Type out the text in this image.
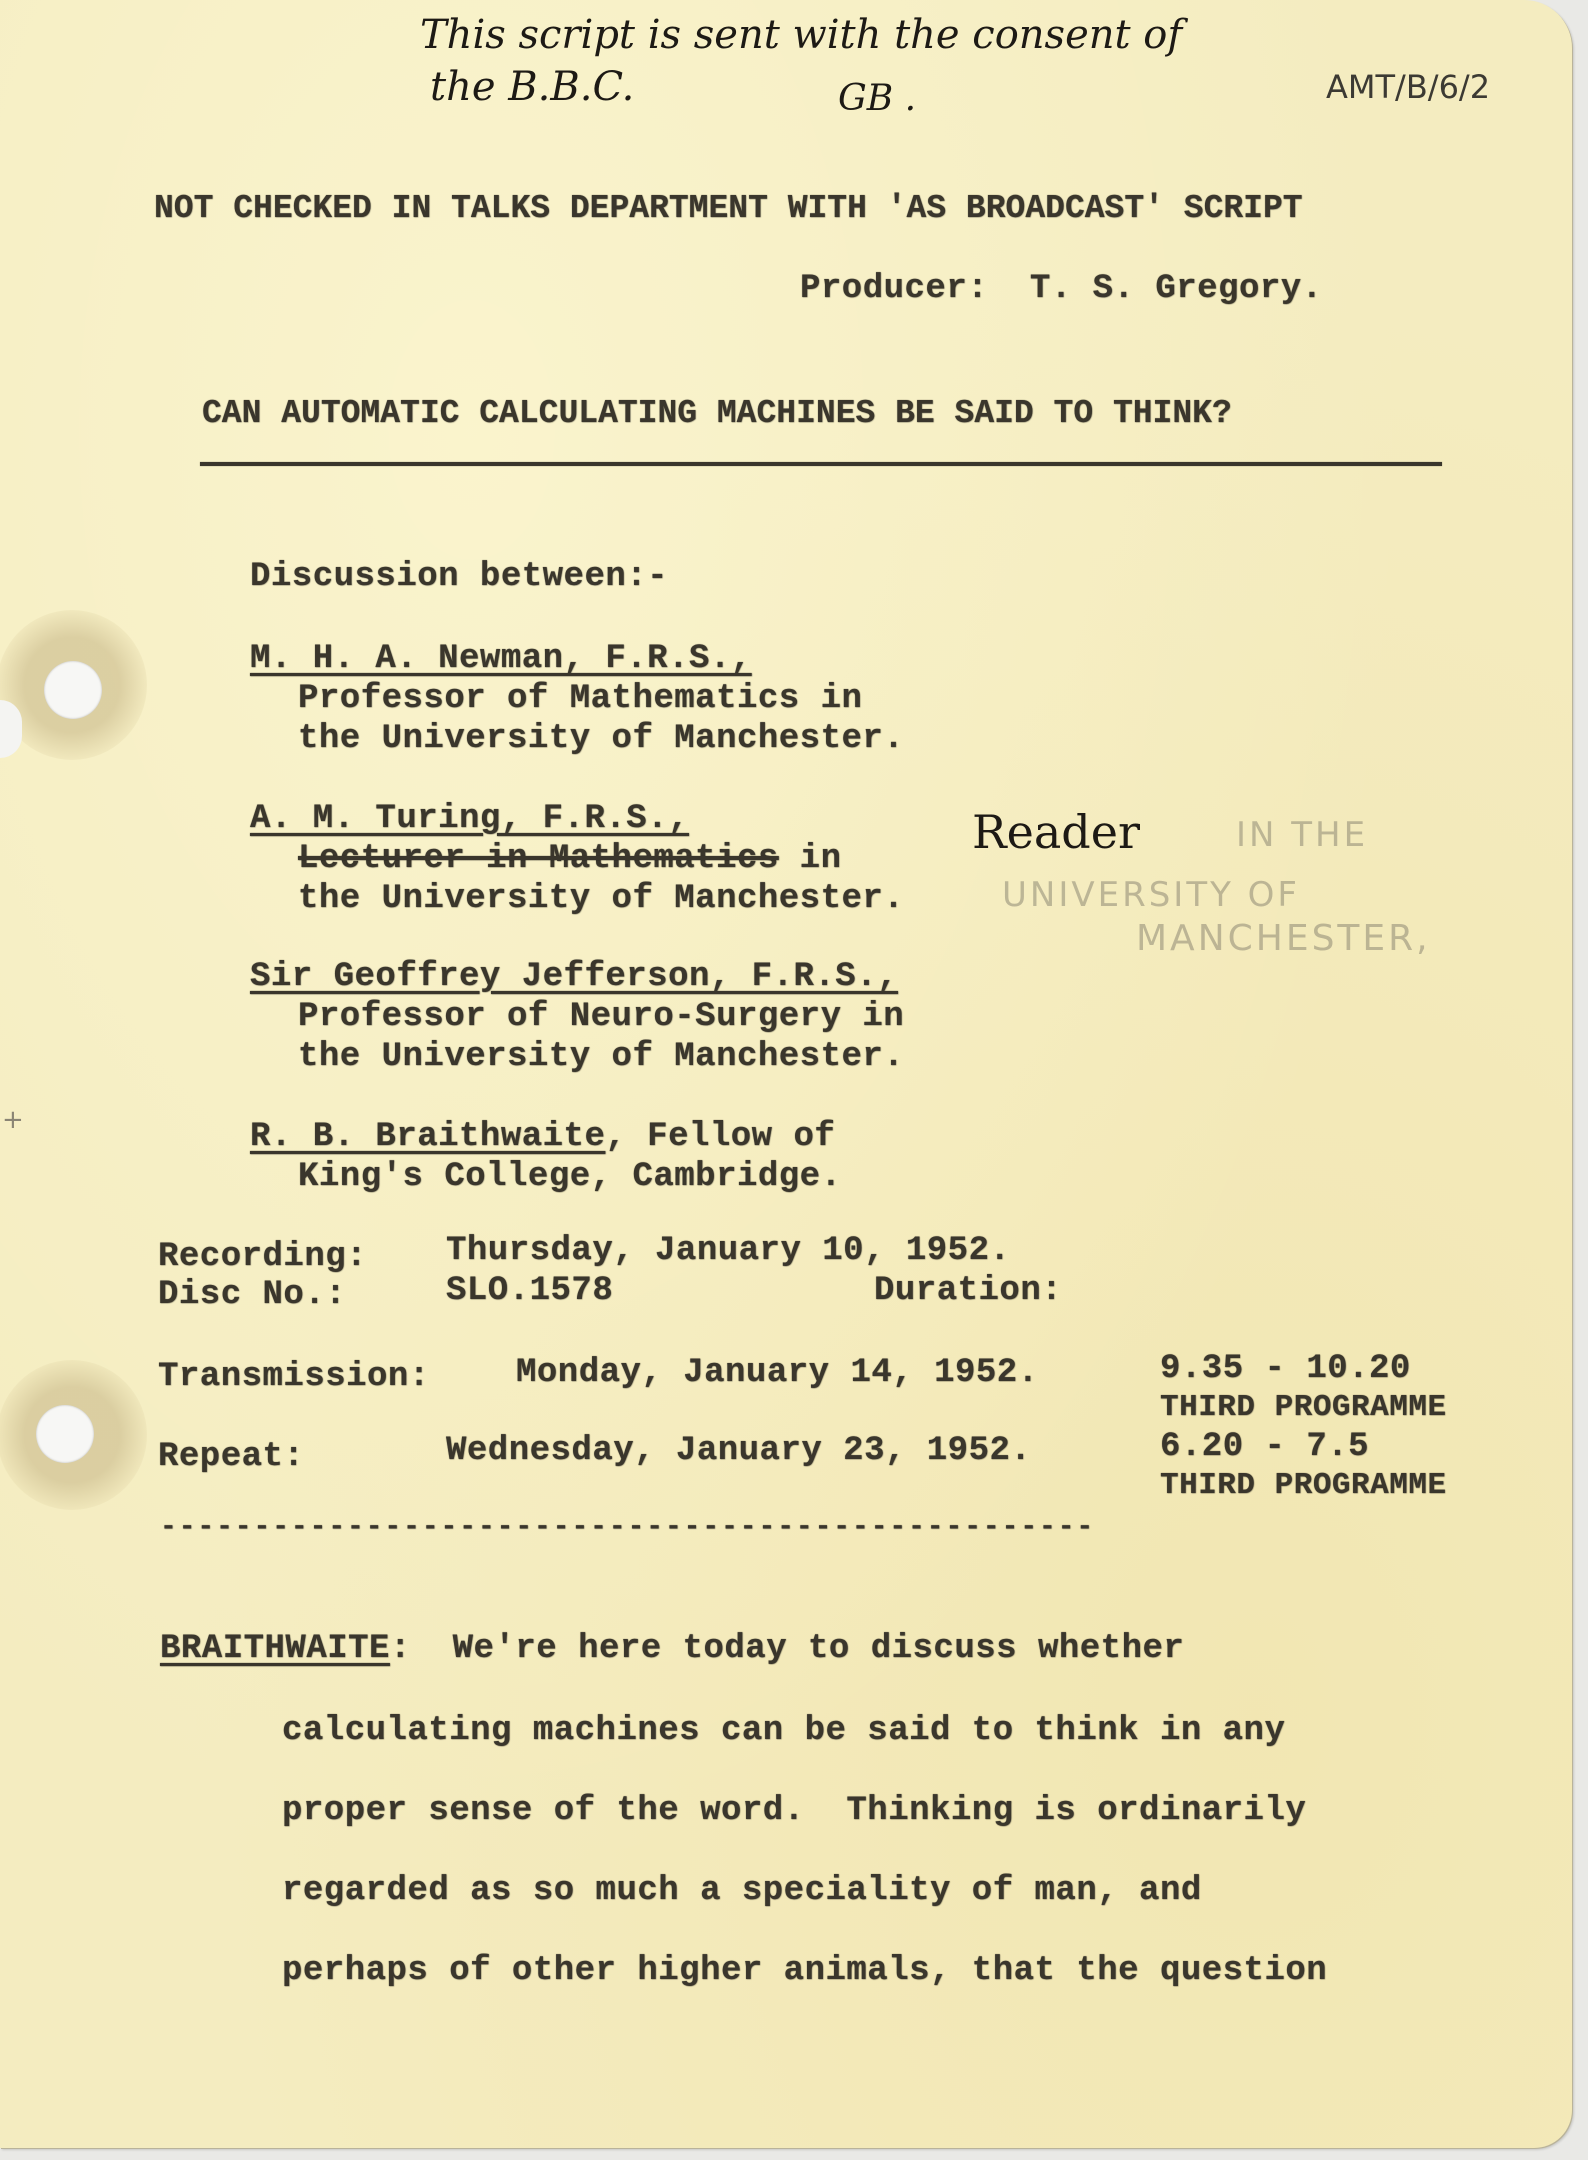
+
This script is sent with the consent of
the B.B.C.	GB .	AMT/B/6/2
NOT CHECKED IN TALKS DEPARTMENT WITH 'AS BROADCAST' SCRIPT
Producer:  T. S. Gregory.
CAN AUTOMATIC CALCULATING MACHINES BE SAID TO THINK?
Discussion between:-
M. H. A. Newman, F.R.S.,
Professor of Mathematics in
the University of Manchester.
A. M. Turing, F.R.S.,
Lecturer in Mathematics in
the University of Manchester.
Reader	IN THE
UNIVERSITY OF
MANCHESTER,
Sir Geoffrey Jefferson, F.R.S.,
Professor of Neuro-Surgery in
the University of Manchester.
R. B. Braithwaite, Fellow of
King's College, Cambridge.
Recording: Thursday, January 10, 1952.
Disc No.:	SLO.1578	Duration:
Transmission:	Monday, January 14, 1952.	9.35 - 10.20
THIRD PROGRAMME
Repeat:	Wednesday, January 23, 1952.	6.20 - 7.5
THIRD PROGRAMME
--------------------------------------------------
BRAITHWAITE: We're here today to discuss whether
calculating machines can be said to think in any
proper sense of the word.  Thinking is ordinarily
regarded as so much a speciality of man, and
perhaps of other higher animals, that the question
